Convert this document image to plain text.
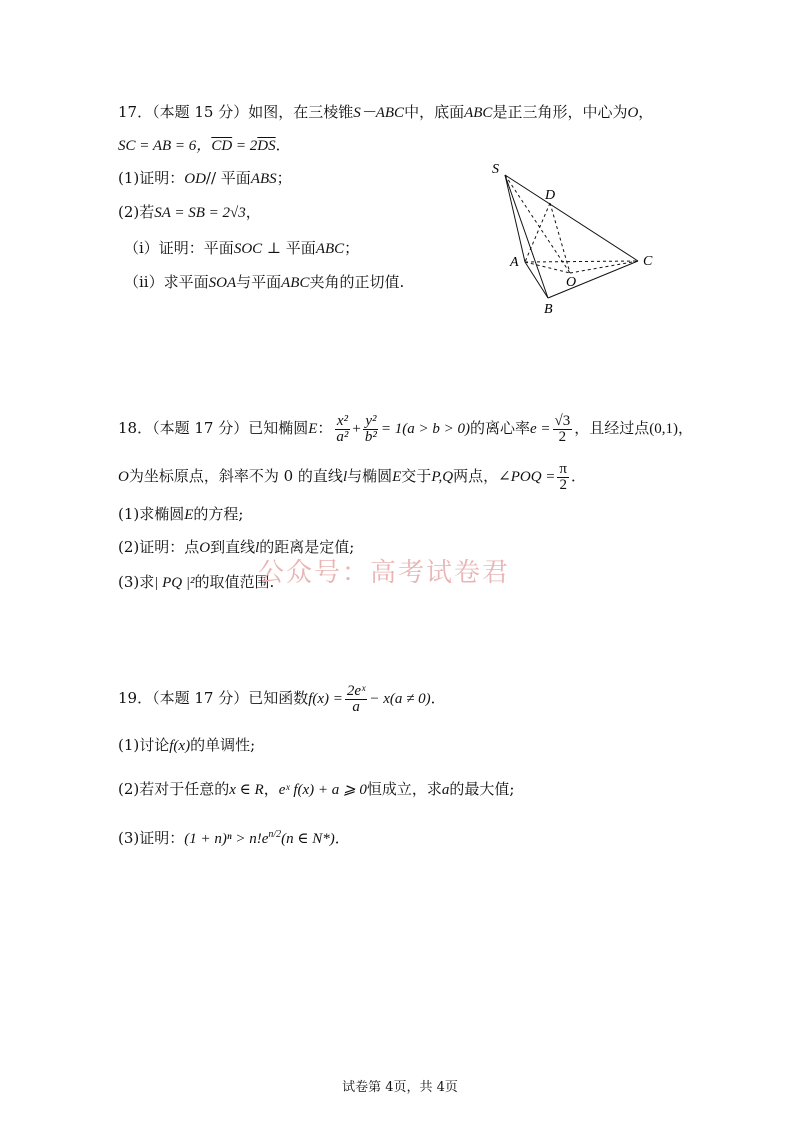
17．（本题 15 分）如图，在三棱锥S－ABC中，底面ABC是正三角形，中心为O，
SC = AB = 6，$\overline{CD} = 2\overline{DS}$．
(1)证明：OD// 平面ABS；
(2)若SA = SB = 2√3，
（i）证明：平面SOC ⊥ 平面ABC；
（ii）求平面SOA与平面ABC夹角的正切值.
S
D
A
O
C
B
18．（本题 17 分）已知椭圆E： $\frac{\text{x²}}{\text{a²}} + \frac{\text{y²}}{\text{b²}} = 1(a > b > 0)$的离心率$e = \frac{√3}{2}$ ，且经过点(0,1)，
O为坐标原点，斜率不为 0 的直线l与椭圆E交于P,Q两点，∠POQ = $\frac{\pi}{2}$ ．
(1)求椭圆E的方程;
(2)证明：点O到直线l的距离是定值;
(3)求| PQ |²的取值范围.
公众号：高考试卷君
19．（本题 17 分）已知函数$f(x) = \frac{\text{2eˣ}}{a} - x(a \ne 0)$．
(1)讨论f(x)的单调性;
(2)若对于任意的x ∈ R，eˣ f(x) + a ⩾ 0恒成立，求a的最大值;
(3)证明：$(1 + n)^n > n!e^{n/2}(n$ ∈ N*)．
试卷第 4页，共 4页
